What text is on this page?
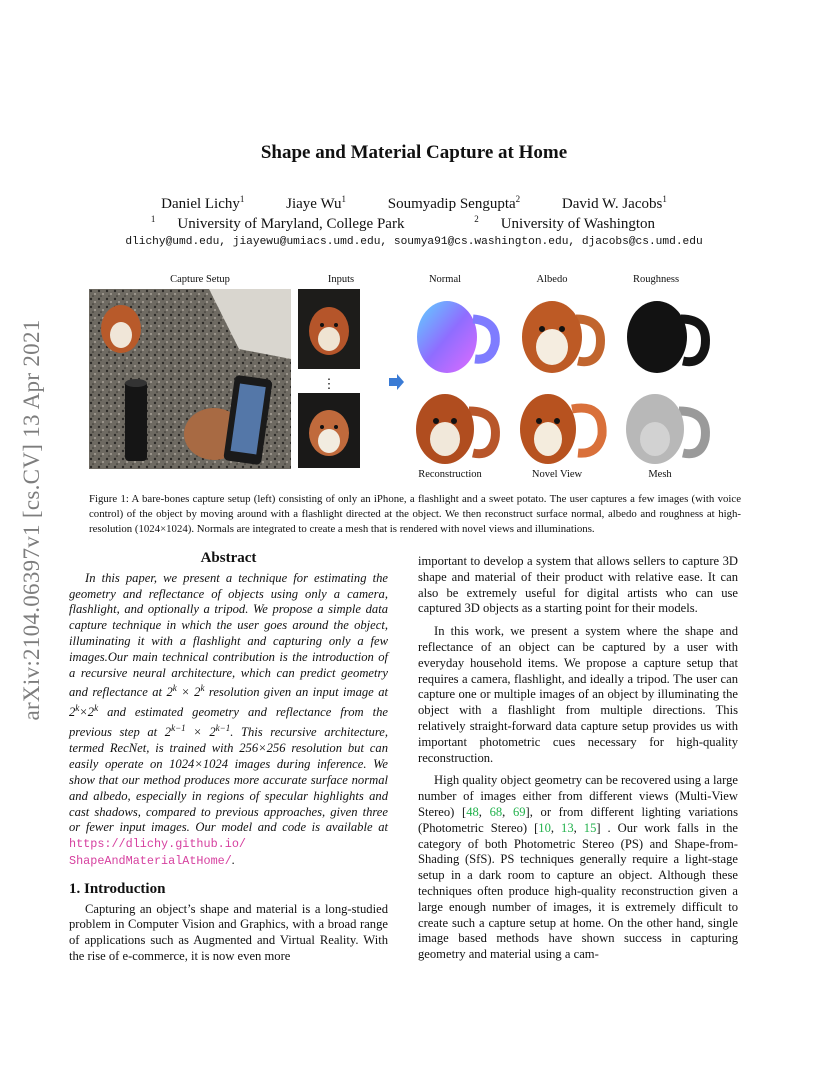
arXiv:2104.06397v1 [cs.CV] 13 Apr 2021
Shape and Material Capture at Home
Daniel Lichy$^1$	Jiaye Wu$^1$	Soumyadip Sengupta$^2$	David W. Jacobs$^1$
$^1$ University of Maryland, College Park	$^2$ University of Washington
dlichy@umd.edu, jiayewu@umiacs.umd.edu, soumya91@cs.washington.edu, djacobs@cs.umd.edu
Capture Setup	Inputs	Normal	Albedo	Roughness
⋮
Reconstruction	Novel View	Mesh
Figure 1: A bare-bones capture setup (left) consisting of only an iPhone, a flashlight and a sweet potato. The user captures a few images (with voice control) of the object by moving around with a flashlight directed at the object. We then reconstruct surface normal, albedo and roughness at high-resolution (1024×1024). Normals are integrated to create a mesh that is rendered with novel views and illuminations.
Abstract

In this paper, we present a technique for estimating the geometry and reflectance of objects using only a camera, flashlight, and optionally a tripod. We propose a simple data capture technique in which the user goes around the object, illuminating it with a flashlight and capturing only a few images.Our main technical contribution is the introduction of a recursive neural architecture, which can predict geometry and reflectance at $2^k \times 2^k$ resolution given an input image at $2^k\times 2^k$ and estimated geometry and reflectance from the previous step at $2^{k-1} \times 2^{k-1}$. This recursive architecture, termed RecNet, is trained with 256×256 resolution but can easily operate on 1024×1024 images during inference. We show that our method produces more accurate surface normal and albedo, especially in regions of specular highlights and cast shadows, compared to previous approaches, given three or fewer input images. Our model and code is available at https://dlichy.github.io/ ShapeAndMaterialAtHome/.

1. Introduction

Capturing an object’s shape and material is a long-studied problem in Computer Vision and Graphics, with a broad range of applications such as Augmented and Virtual Reality. With the rise of e-commerce, it is now even more

important to develop a system that allows sellers to capture 3D shape and material of their product with relative ease. It can also be extremely useful for digital artists who can use captured 3D objects as a starting point for their models.

In this work, we present a system where the shape and reflectance of an object can be captured by a user with everyday household items. We propose a capture setup that requires a camera, flashlight, and ideally a tripod. The user can capture one or multiple images of an object by illuminating the object with a flashlight from multiple directions. This relatively straight-forward data capture setup provides us with important photometric cues necessary for high-quality reconstruction.

High quality object geometry can be recovered using a large number of images either from different views (Multi-View Stereo) [48, 68, 69], or from different lighting variations (Photometric Stereo) [10, 13, 15] . Our work falls in the category of both Photometric Stereo (PS) and Shape-from-Shading (SfS). PS techniques generally require a light-stage setup in a dark room to capture an object. Although these techniques often produce high-quality reconstruction given a large enough number of images, it is extremely difficult to create such a capture setup at home. On the other hand, single image based methods have shown success in capturing geometry and material using a cam-
